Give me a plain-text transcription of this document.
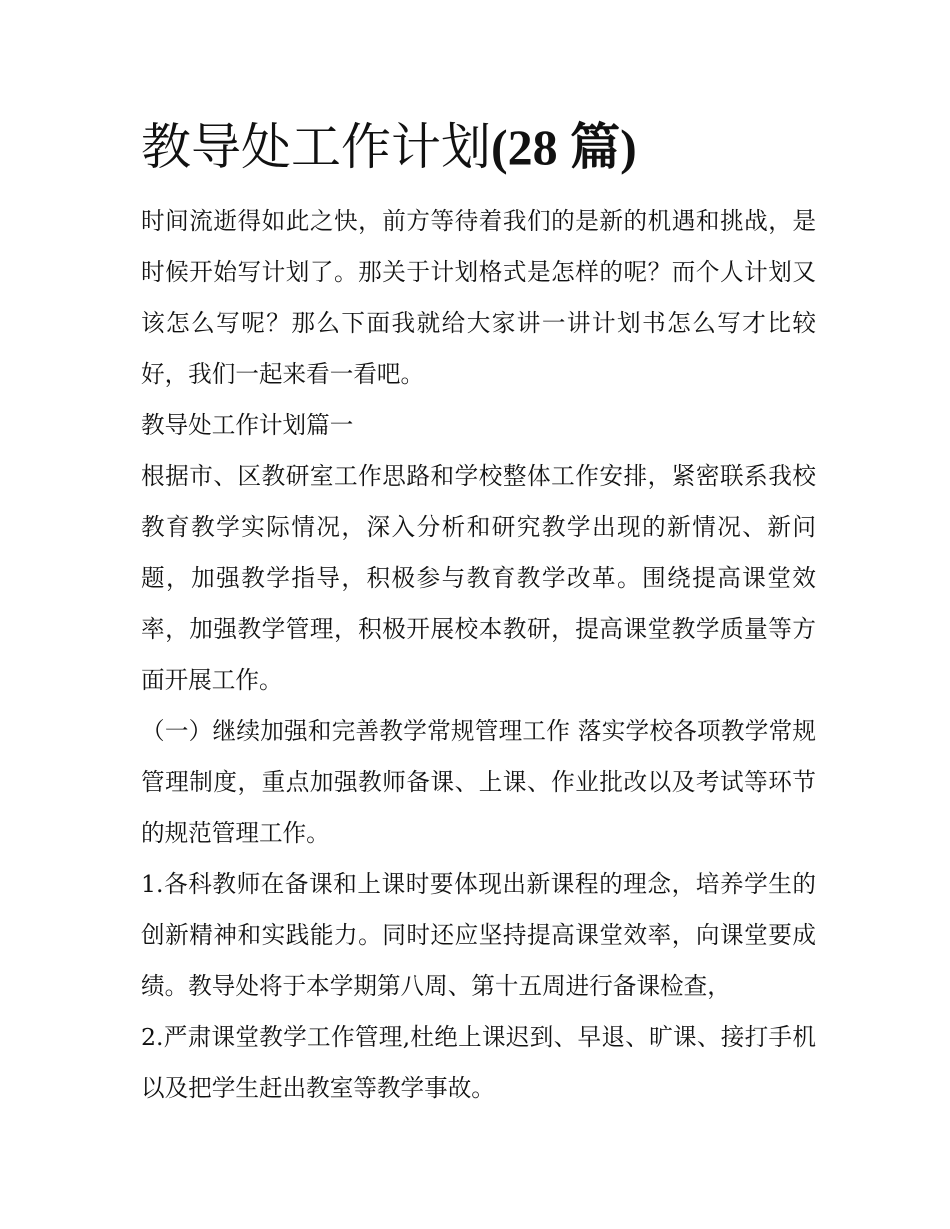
教导处工作计划(28 篇)

时间流逝得如此之快，前方等待着我们的是新的机遇和挑战，是时候开始写计划了。那关于计划格式是怎样的呢？而个人计划又该怎么写呢？那么下面我就给大家讲一讲计划书怎么写才比较好，我们一起来看一看吧。

教导处工作计划篇一

根据市、区教研室工作思路和学校整体工作安排，紧密联系我校教育教学实际情况，深入分析和研究教学出现的新情况、新问题，加强教学指导，积极参与教育教学改革。围绕提高课堂效率，加强教学管理，积极开展校本教研，提高课堂教学质量等方面开展工作。

（一）继续加强和完善教学常规管理工作 落实学校各项教学常规管理制度，重点加强教师备课、上课、作业批改以及考试等环节的规范管理工作。

1.各科教师在备课和上课时要体现出新课程的理念，培养学生的创新精神和实践能力。同时还应坚持提高课堂效率，向课堂要成绩。教导处将于本学期第八周、第十五周进行备课检查，

2.严肃课堂教学工作管理,杜绝上课迟到、早退、旷课、接打手机以及把学生赶出教室等教学事故。
